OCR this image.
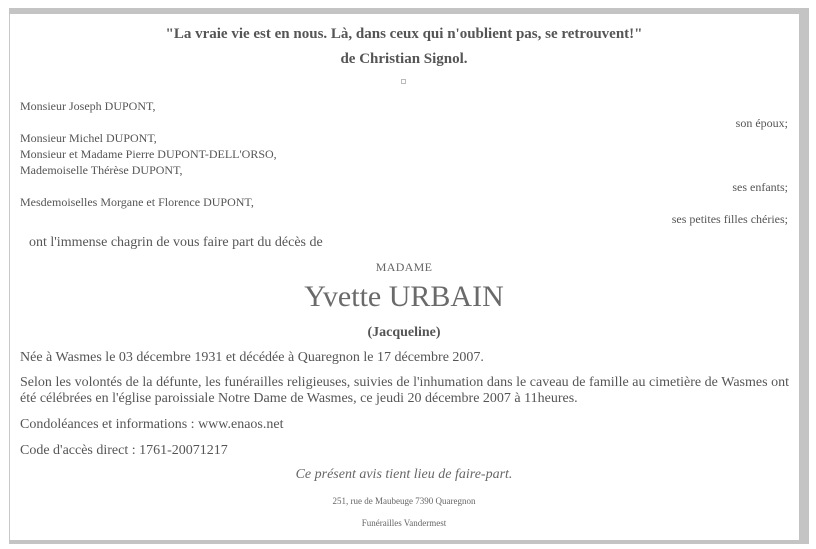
"La vraie vie est en nous. Là, dans ceux qui n'oublient pas, se retrouvent!"
de Christian Signol.
Monsieur Joseph DUPONT,
son époux;
Monsieur Michel DUPONT,
Monsieur et Madame Pierre DUPONT-DELL'ORSO,
Mademoiselle Thérèse DUPONT,
ses enfants;
Mesdemoiselles Morgane et Florence DUPONT,
ses petites filles chéries;
ont l'immense chagrin de vous faire part du décès de
MADAME
Yvette URBAIN
(Jacqueline)
Née à Wasmes le 03 décembre 1931 et décédée à Quaregnon le 17 décembre 2007.
Selon les volontés de la défunte, les funérailles religieuses, suivies de l'inhumation dans le caveau de famille au cimetière de Wasmes ont été célébrées en l'église paroissiale Notre Dame de Wasmes, ce jeudi 20 décembre 2007 à 11heures.
Condoléances et informations : www.enaos.net
Code d'accès direct : 1761-20071217
Ce présent avis tient lieu de faire-part.
251, rue de Maubeuge 7390 Quaregnon
Funérailles Vandermest
